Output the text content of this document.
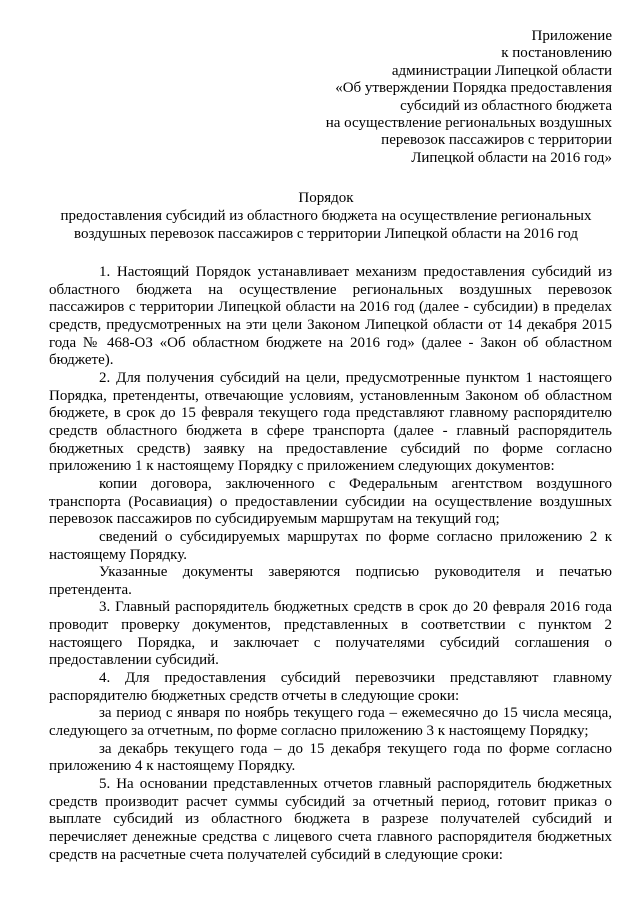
Приложение
к постановлению
администрации Липецкой области
«Об утверждении Порядка предоставления
субсидий из областного бюджета
на осуществление региональных воздушных
перевозок пассажиров с территории
Липецкой области на 2016 год»
Порядок
предоставления субсидий из областного бюджета на осуществление региональных
воздушных перевозок пассажиров с территории Липецкой области на 2016 год

1. Настоящий Порядок устанавливает механизм предоставления субсидий из областного бюджета на осуществление региональных воздушных перевозок пассажиров с территории Липецкой области на 2016 год (далее - субсидии) в пределах средств, предусмотренных на эти цели Законом Липецкой области от 14 декабря 2015 года № 468-ОЗ «Об областном бюджете на 2016 год» (далее - Закон об областном бюджете).

2. Для получения субсидий на цели, предусмотренные пунктом 1 настоящего Порядка, претенденты, отвечающие условиям, установленным Законом об областном бюджете, в срок до 15 февраля текущего года представляют главному распорядителю средств областного бюджета в сфере транспорта (далее - главный распорядитель бюджетных средств) заявку на предоставление субсидий по форме согласно приложению 1 к настоящему Порядку с приложением следующих документов:

копии договора, заключенного с Федеральным агентством воздушного транспорта (Росавиация) о предоставлении субсидии на осуществление воздушных перевозок пассажиров по субсидируемым маршрутам на текущий год;

сведений о субсидируемых маршрутах по форме согласно приложению 2 к настоящему Порядку.

Указанные документы заверяются подписью руководителя и печатью претендента.

3. Главный распорядитель бюджетных средств в срок до 20 февраля 2016 года проводит проверку документов, представленных в соответствии с пунктом 2 настоящего Порядка, и заключает с получателями субсидий соглашения о предоставлении субсидий.

4. Для предоставления субсидий перевозчики представляют главному распорядителю бюджетных средств отчеты в следующие сроки:

за период с января по ноябрь текущего года – ежемесячно до 15 числа месяца, следующего за отчетным, по форме согласно приложению 3 к настоящему Порядку;

за декабрь текущего года – до 15 декабря текущего года по форме согласно приложению 4 к настоящему Порядку.

5. На основании представленных отчетов главный распорядитель бюджетных средств производит расчет суммы субсидий за отчетный период, готовит приказ о выплате субсидий из областного бюджета в разрезе получателей субсидий и перечисляет денежные средства с лицевого счета главного распорядителя бюджетных средств на расчетные счета получателей субсидий в следующие сроки:
